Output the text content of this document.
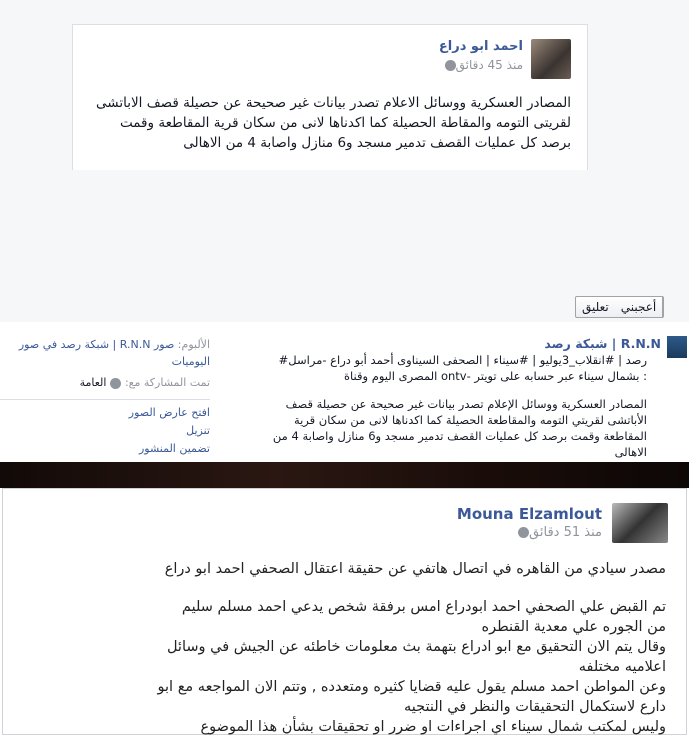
احمد ابو دراع
منذ 45 دقائق
المصادر العسكرية ووسائل الاعلام تصدر بيانات غير صحيحة عن حصيلة قصف الاباتشى
لقريتى التومه والمقاطة الحصيلة كما اكدناها لانى من سكان قرية المقاطعة وقمت
برصد كل عمليات القصف تدمير مسجد و6 منازل واصابة 4 من الاهالى
تعليق	أعجبني
R.N.N | شبكة رصد
رصد | #انقلاب_3يوليو | #سيناء | الصحفى السيناوى أحمد أبو دراع -مراسل#
: بشمال سيناء عبر حسابه على تويتر -ontv المصرى اليوم وقناة
المصادر العسكرية ووسائل الإعلام تصدر بيانات غير صحيحة عن حصيلة قصف
الأباتشى لقريتي التومه والمقاطعة الحصيلة كما اكدناها لانى من سكان قرية
المقاطعة وقمت برصد كل عمليات القصف تدمير مسجد و6 منازل واصابة 4 من
الاهالى
الألبوم: صور R.N.N | شبكة رصد في صور
اليوميات
تمت المشاركة مع: العامة
افتح عارض الصور
تنزيل
تضمين المنشور
Mouna Elzamlout
منذ 51 دقائق
مصدر سيادي من القاهره في اتصال هاتفي عن حقيقة اعتقال الصحفي احمد ابو دراع
تم القبض علي الصحفي احمد ابودراع امس برفقة شخص يدعي احمد مسلم سليم
من الجوره علي معدية القنطره
وقال يتم الان التحقيق مع ابو ادراع بتهمة بث معلومات خاطئه عن الجيش في وسائل
اعلاميه مختلفه
وعن المواطن احمد مسلم يقول عليه قضايا كثيره ومتعدده , وتتم الان المواجعه مع ابو
دارع لاستكمال التحقيقات والنظر في النتجيه
وليس لمكتب شمال سيناء اي اجراءات او ضرر او تحقيقات بشأن هذا الموضوع
